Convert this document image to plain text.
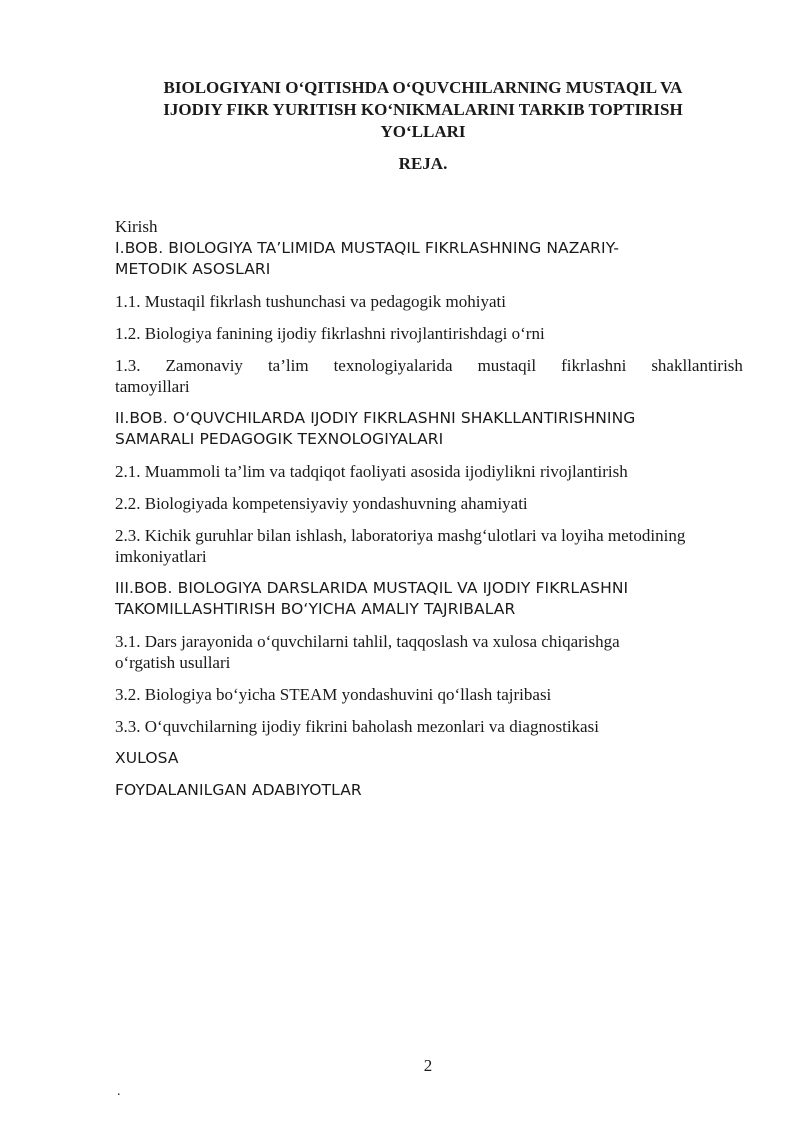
BIOLOGIYANI O‘QITISHDA O‘QUVCHILARNING MUSTAQIL VA
IJODIY FIKR YURITISH KO‘NIKMALARINI TARKIB TOPTIRISH
YO‘LLARI
REJA.
Kirish
I.BOB. BIOLOGIYA TA’LIMIDA MUSTAQIL FIKRLASHNING NAZARIY-
METODIK ASOSLARI
1.1. Mustaqil fikrlash tushunchasi va pedagogik mohiyati
1.2. Biologiya fanining ijodiy fikrlashni rivojlantirishdagi o‘rni
1.3. Zamonaviy ta’lim texnologiyalarida mustaqil fikrlashni shakllantirish
tamoyillari
II.BOB. O‘QUVCHILARDA IJODIY FIKRLASHNI SHAKLLANTIRISHNING
SAMARALI PEDAGOGIK TEXNOLOGIYALARI
2.1. Muammoli ta’lim va tadqiqot faoliyati asosida ijodiylikni rivojlantirish
2.2. Biologiyada kompetensiyaviy yondashuvning ahamiyati
2.3. Kichik guruhlar bilan ishlash, laboratoriya mashg‘ulotlari va loyiha metodining
imkoniyatlari
III.BOB. BIOLOGIYA DARSLARIDA MUSTAQIL VA IJODIY FIKRLASHNI
TAKOMILLASHTIRISH BO‘YICHA AMALIY TAJRIBALAR
3.1. Dars jarayonida o‘quvchilarni tahlil, taqqoslash va xulosa chiqarishga
o‘rgatish usullari
3.2. Biologiya bo‘yicha STEAM yondashuvini qo‘llash tajribasi
3.3. O‘quvchilarning ijodiy fikrini baholash mezonlari va diagnostikasi
XULOSA
FOYDALANILGAN ADABIYOTLAR
2
.
